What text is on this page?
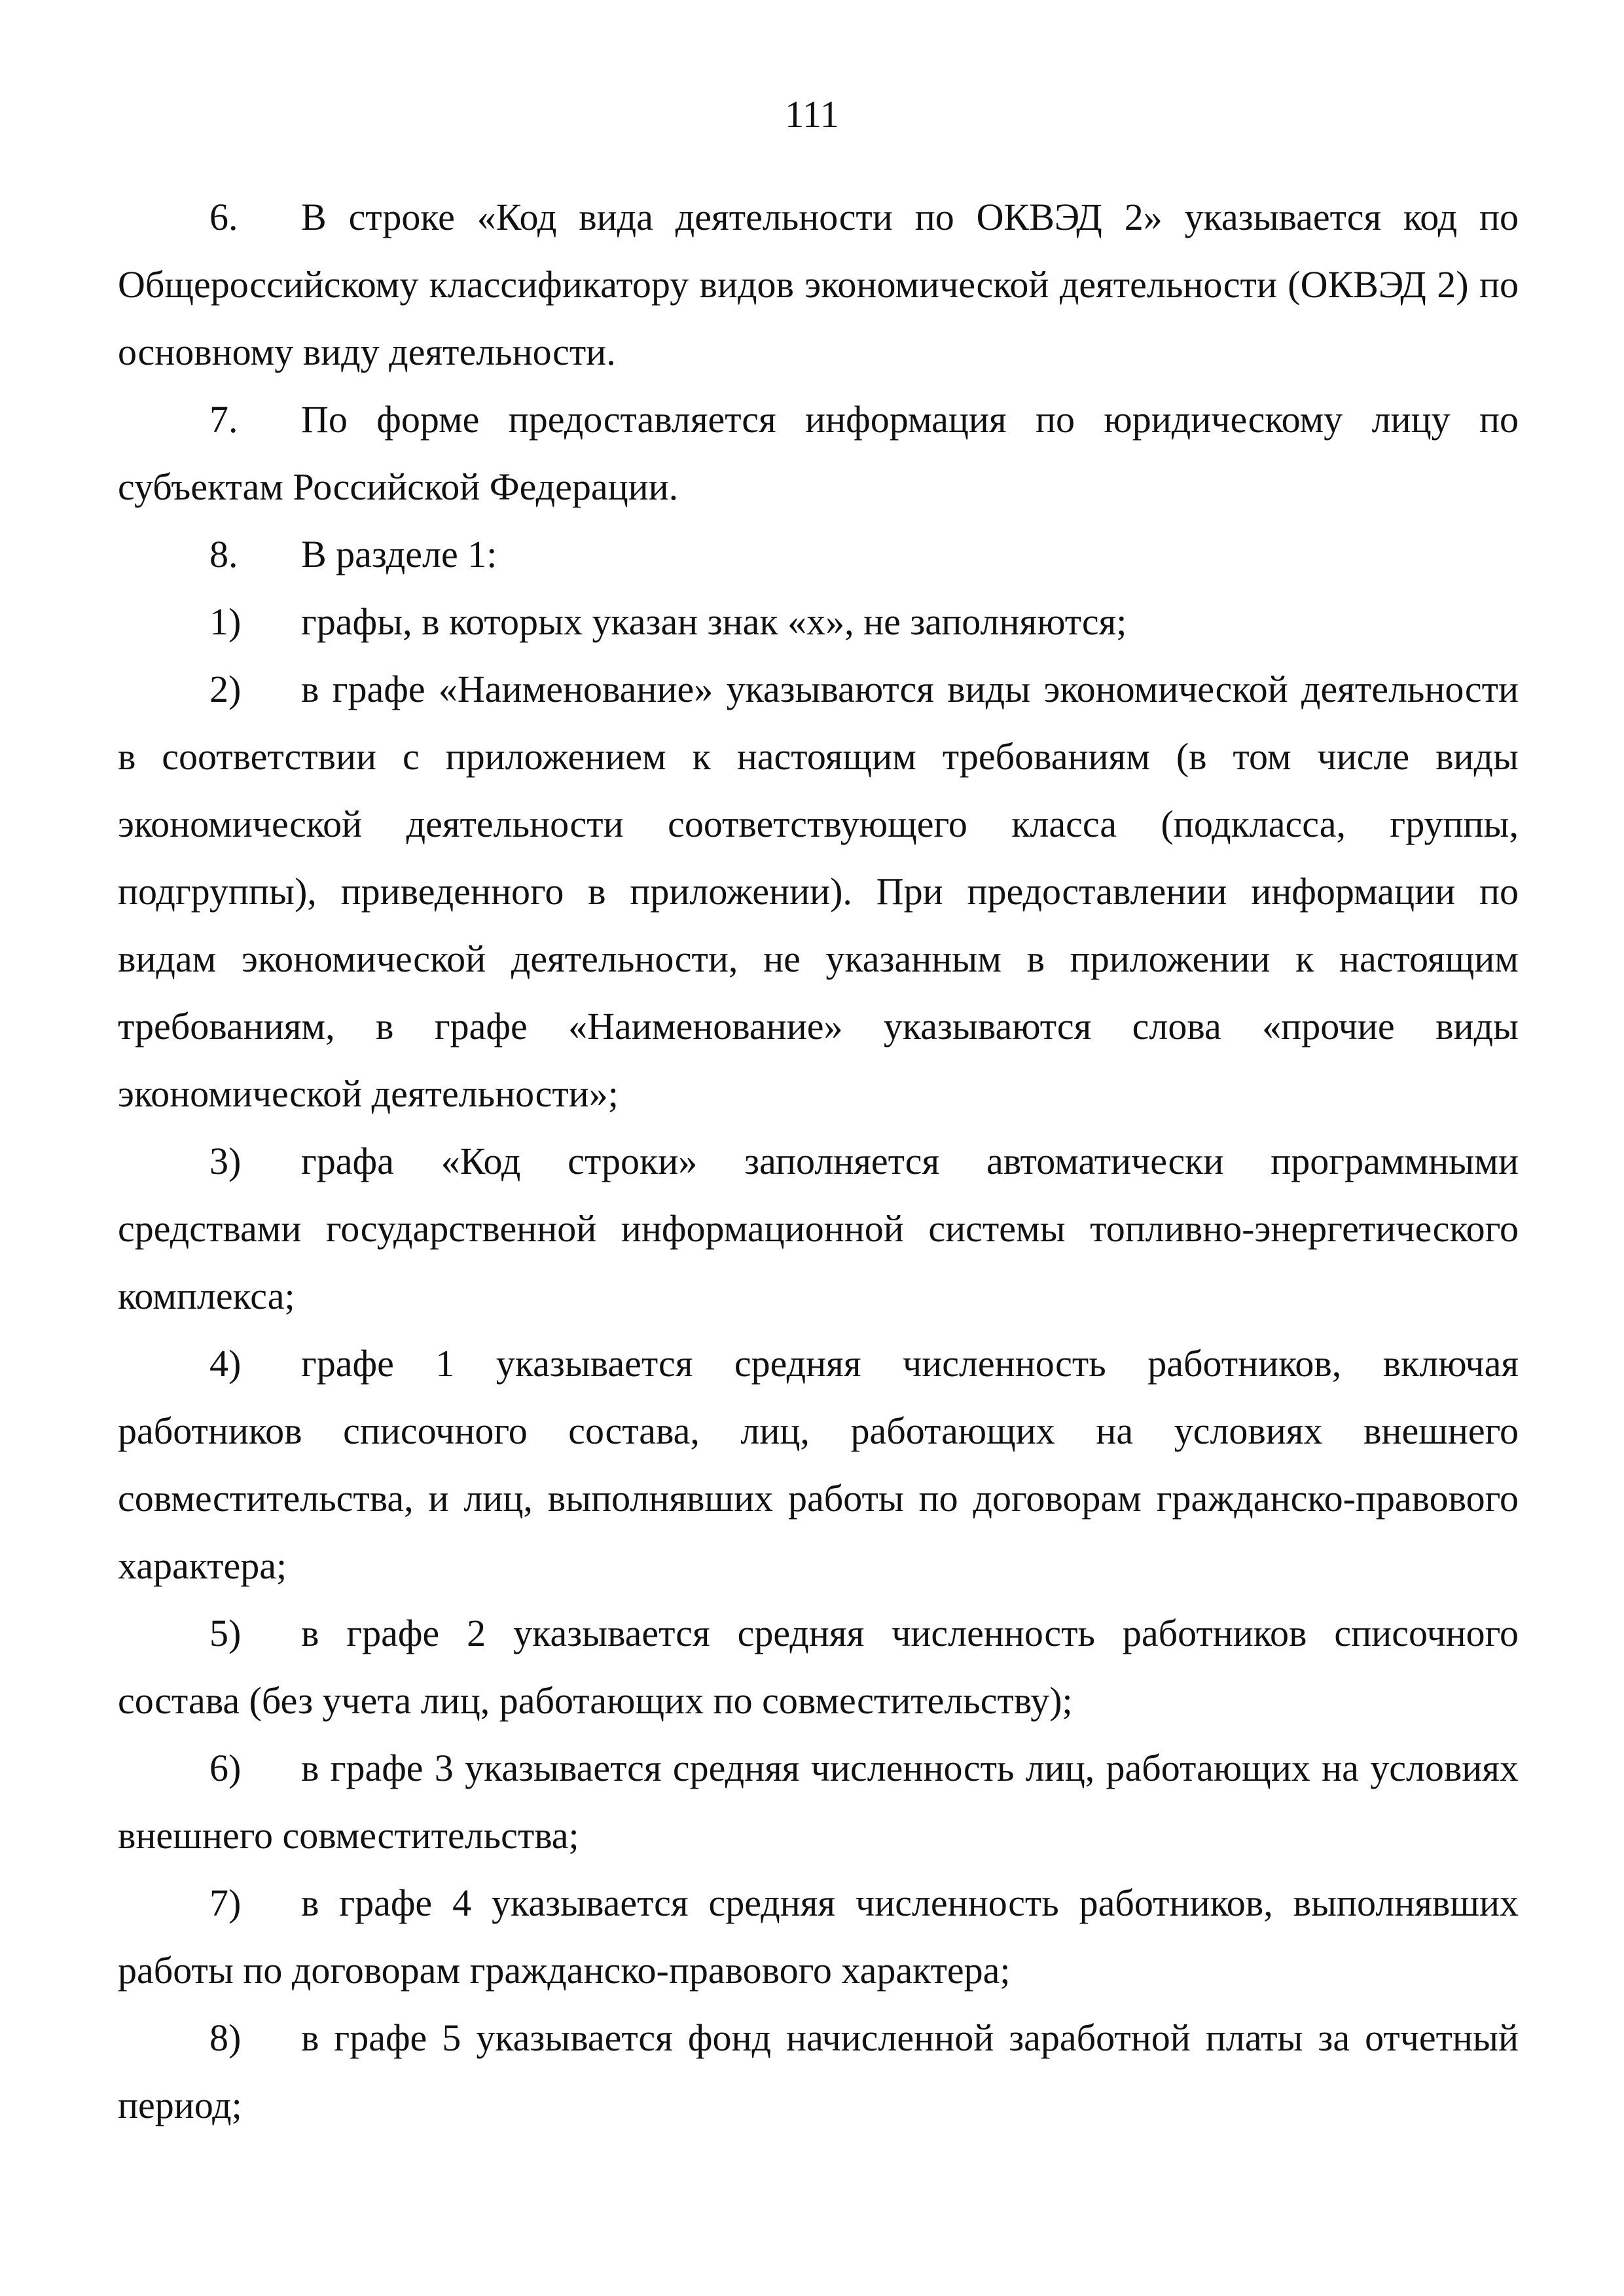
111

6. В строке «Код вида деятельности по ОКВЭД 2» указывается код по Общероссийскому классификатору видов экономической деятельности (ОКВЭД 2) по основному виду деятельности.

7. По форме предоставляется информация по юридическому лицу по субъектам Российской Федерации.

8. В разделе 1:

1) графы, в которых указан знак «х», не заполняются;

2) в графе «Наименование» указываются виды экономической деятельности в соответствии с приложением к настоящим требованиям (в том числе виды экономической деятельности соответствующего класса (подкласса, группы, подгруппы), приведенного в приложении). При предоставлении информации по видам экономической деятельности, не указанным в приложении к настоящим требованиям, в графе «Наименование» указываются слова «прочие виды экономической деятельности»;

3) графа «Код строки» заполняется автоматически программными средствами государственной информационной системы топливно-энергетического комплекса;

4) графе 1 указывается средняя численность работников, включая работников списочного состава, лиц, работающих на условиях внешнего совместительства, и лиц, выполнявших работы по договорам гражданско-правового характера;

5) в графе 2 указывается средняя численность работников списочного состава (без учета лиц, работающих по совместительству);

6) в графе 3 указывается средняя численность лиц, работающих на условиях внешнего совместительства;

7) в графе 4 указывается средняя численность работников, выполнявших работы по договорам гражданско-правового характера;

8) в графе 5 указывается фонд начисленной заработной платы за отчетный период;
